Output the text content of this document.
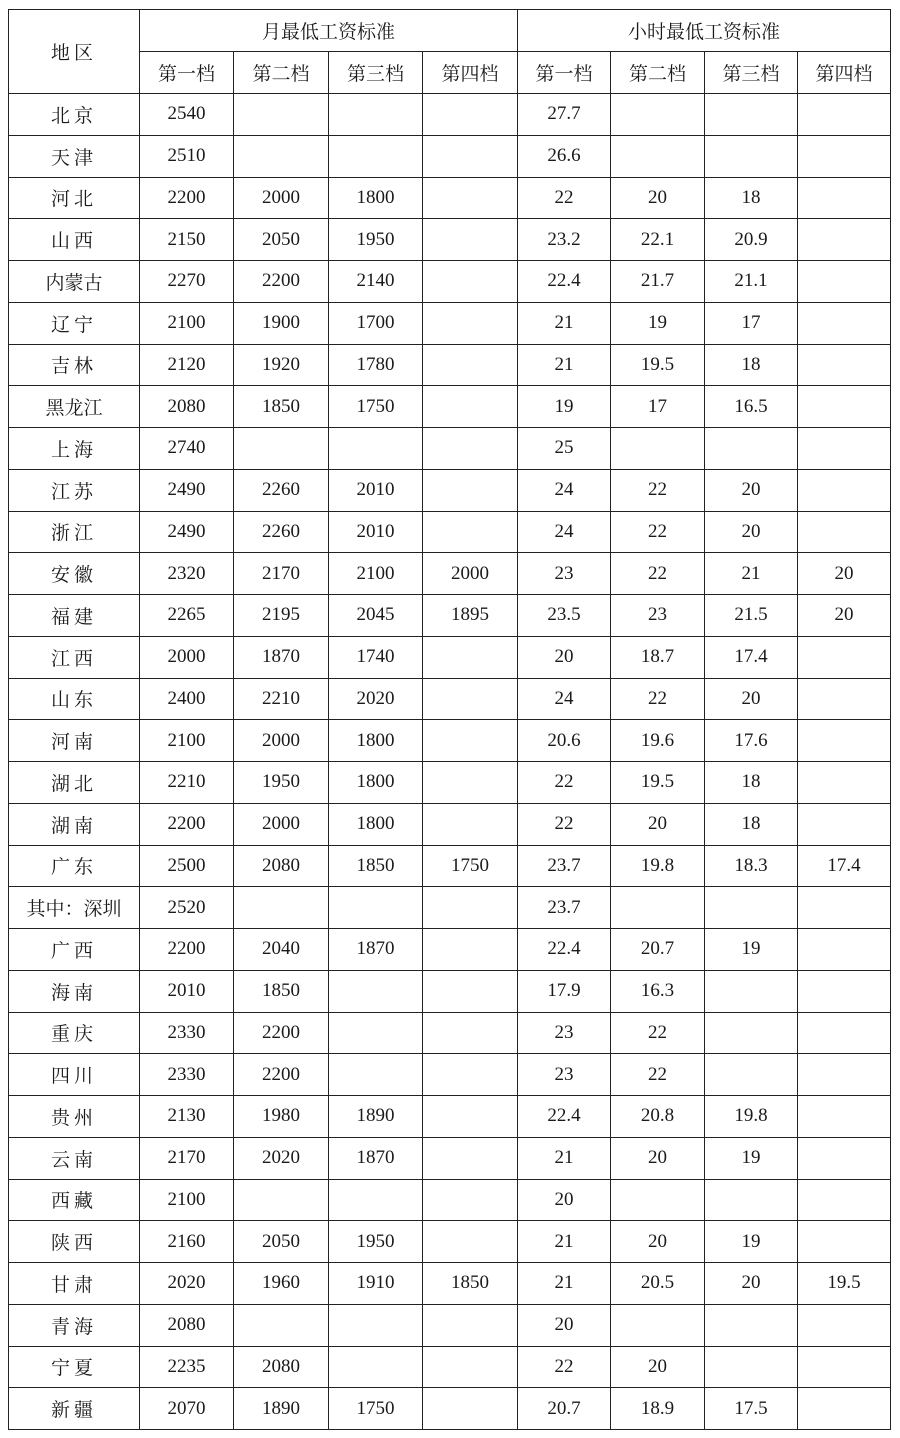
地区	月最低工资标准				小时最低工资标准			
	第一档	第二档	第三档	第四档	第一档	第二档	第三档	第四档
北京	2540				27.7			
天津	2510				26.6			
河北	2200	2000	1800		22	20	18	
山西	2150	2050	1950		23.2	22.1	20.9	
内蒙古	2270	2200	2140		22.4	21.7	21.1	
辽宁	2100	1900	1700		21	19	17	
吉林	2120	1920	1780		21	19.5	18	
黑龙江	2080	1850	1750		19	17	16.5	
上海	2740				25			
江苏	2490	2260	2010		24	22	20	
浙江	2490	2260	2010		24	22	20	
安徽	2320	2170	2100	2000	23	22	21	20
福建	2265	2195	2045	1895	23.5	23	21.5	20
江西	2000	1870	1740		20	18.7	17.4	
山东	2400	2210	2020		24	22	20	
河南	2100	2000	1800		20.6	19.6	17.6	
湖北	2210	1950	1800		22	19.5	18	
湖南	2200	2000	1800		22	20	18	
广东	2500	2080	1850	1750	23.7	19.8	18.3	17.4
其中：深圳	2520				23.7			
广西	2200	2040	1870		22.4	20.7	19	
海南	2010	1850			17.9	16.3		
重庆	2330	2200			23	22		
四川	2330	2200			23	22		
贵州	2130	1980	1890		22.4	20.8	19.8	
云南	2170	2020	1870		21	20	19	
西藏	2100				20			
陕西	2160	2050	1950		21	20	19	
甘肃	2020	1960	1910	1850	21	20.5	20	19.5
青海	2080				20			
宁夏	2235	2080			22	20		
新疆	2070	1890	1750		20.7	18.9	17.5	
